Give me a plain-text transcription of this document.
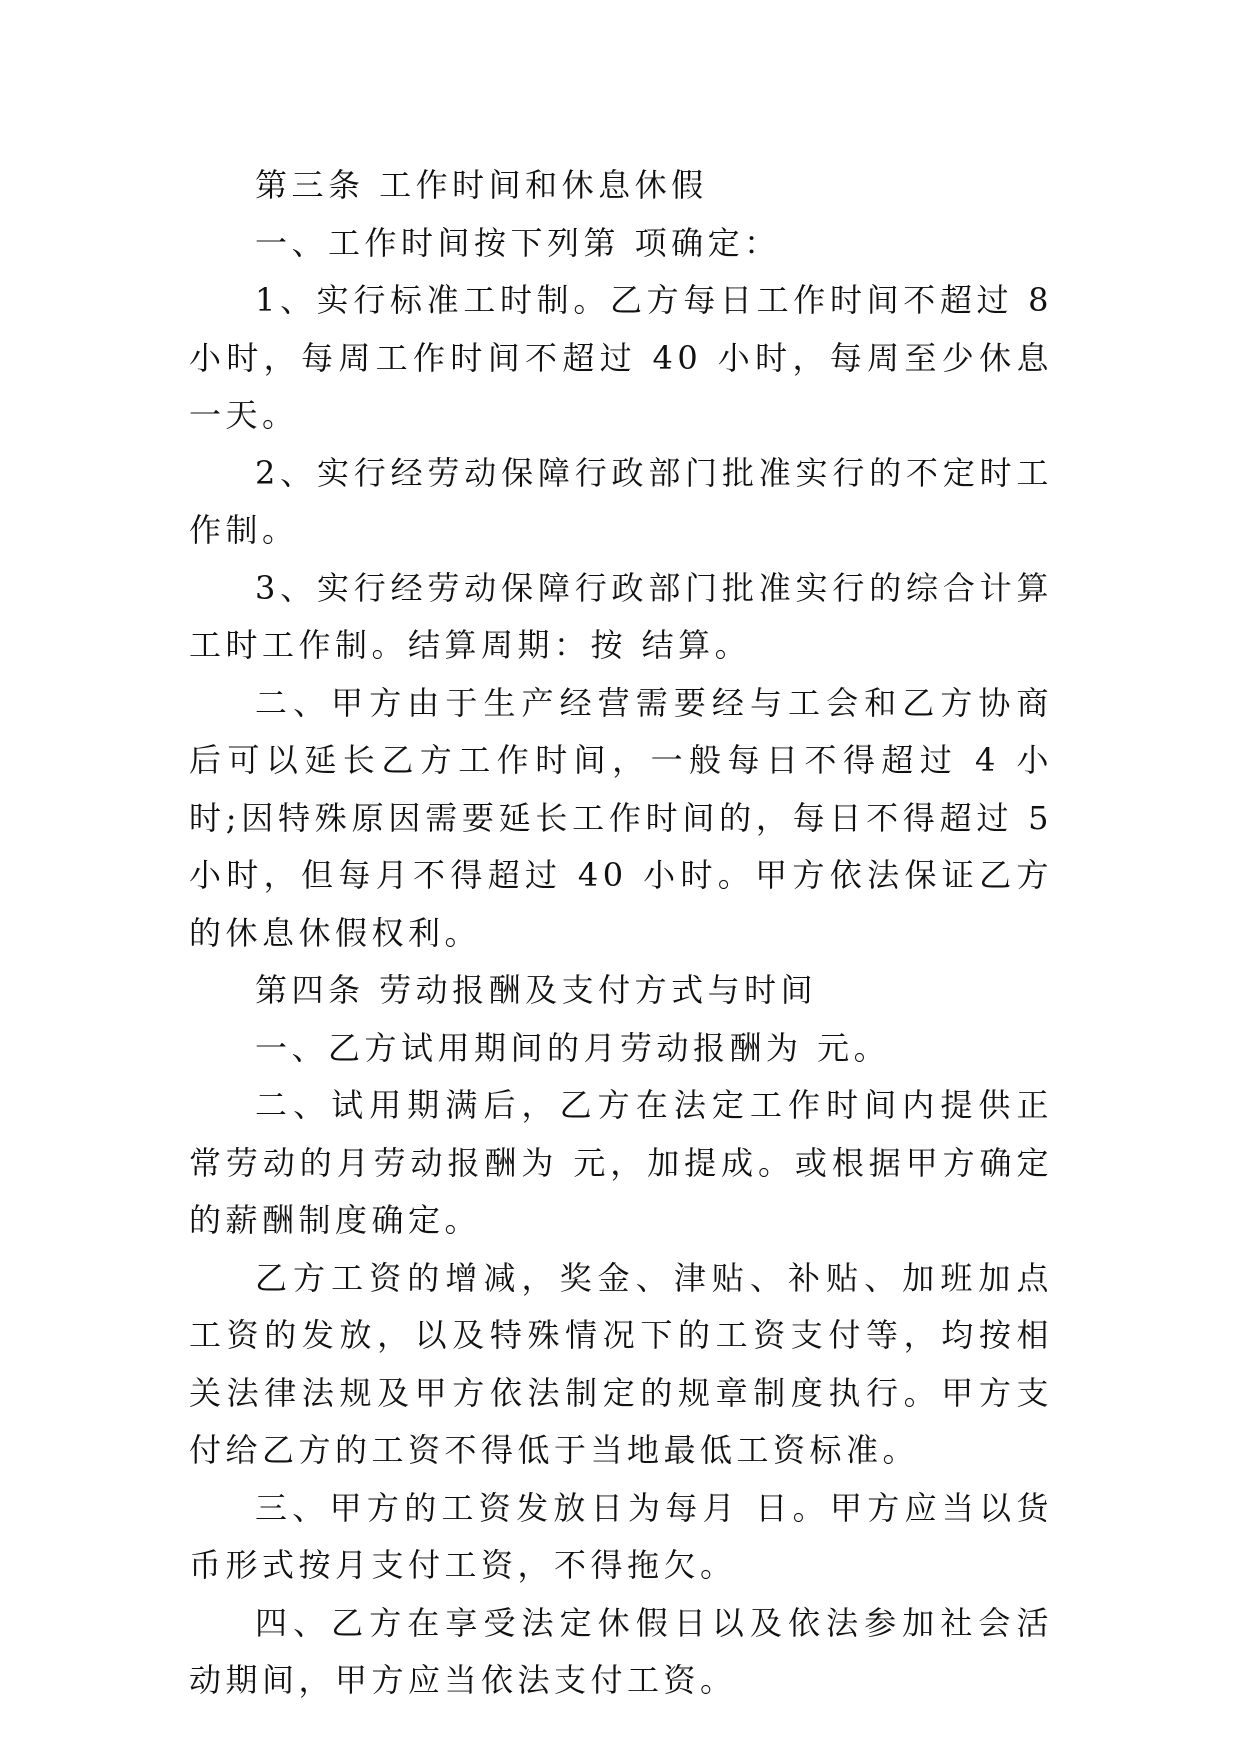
第三条 工作时间和休息休假

一、工作时间按下列第 项确定：

1、实行标准工时制。乙方每日工作时间不超过 8 小时，每周工作时间不超过 40 小时，每周至少休息一天。

2、实行经劳动保障行政部门批准实行的不定时工作制。

3、实行经劳动保障行政部门批准实行的综合计算工时工作制。结算周期：按 结算。

二、甲方由于生产经营需要经与工会和乙方协商后可以延长乙方工作时间，一般每日不得超过 4 小时;因特殊原因需要延长工作时间的，每日不得超过 5 小时，但每月不得超过 40 小时。甲方依法保证乙方的休息休假权利。

第四条 劳动报酬及支付方式与时间

一、乙方试用期间的月劳动报酬为 元。

二、试用期满后，乙方在法定工作时间内提供正常劳动的月劳动报酬为 元，加提成。或根据甲方确定的薪酬制度确定。

乙方工资的增减，奖金、津贴、补贴、加班加点工资的发放，以及特殊情况下的工资支付等，均按相关法律法规及甲方依法制定的规章制度执行。甲方支付给乙方的工资不得低于当地最低工资标准。

三、甲方的工资发放日为每月 日。甲方应当以货币形式按月支付工资，不得拖欠。

四、乙方在享受法定休假日以及依法参加社会活动期间，甲方应当依法支付工资。
